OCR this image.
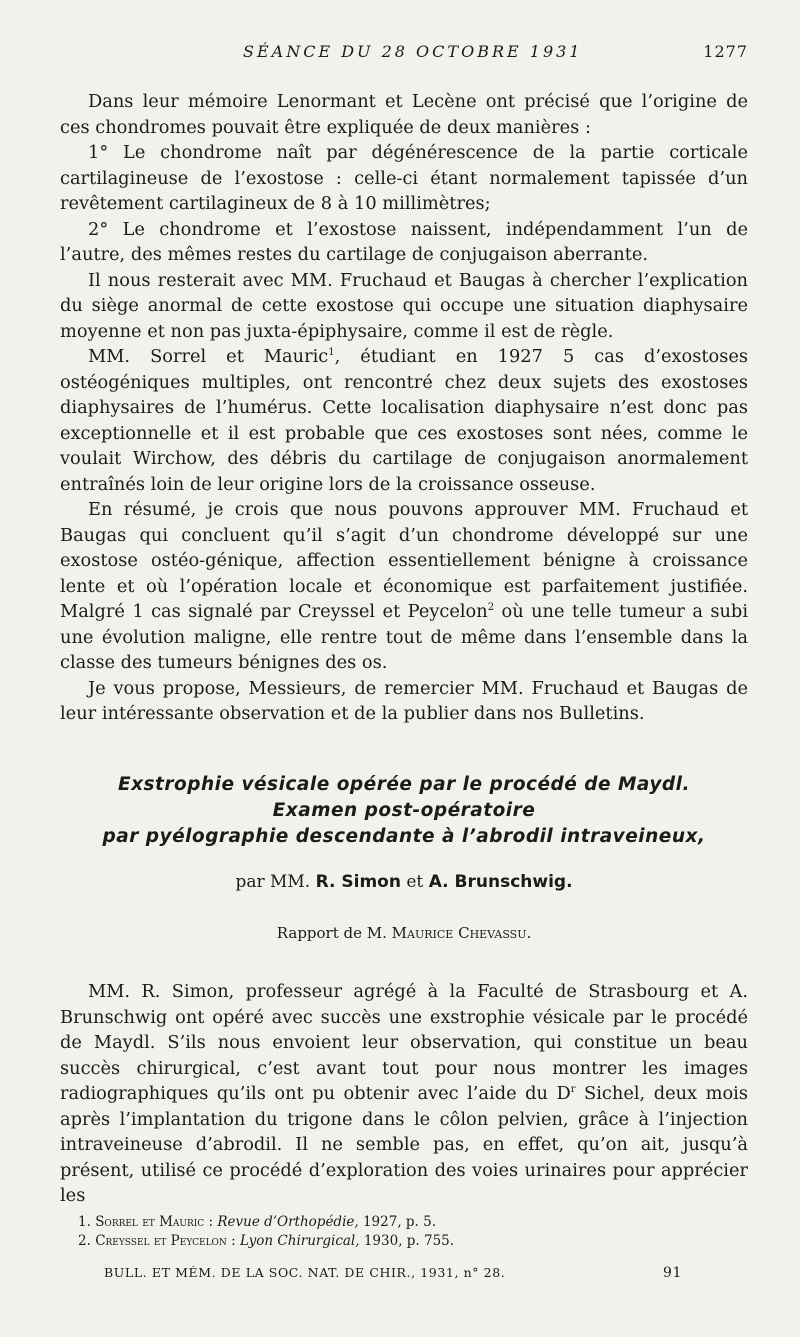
SÉANCE DU 28 OCTOBRE 1931	1277

Dans leur mémoire Lenormant et Lecène ont précisé que l’origine de ces chondromes pouvait être expliquée de deux manières :

1° Le chondrome naît par dégénérescence de la partie corticale cartilagineuse de l’exostose : celle-ci étant normalement tapissée d’un revêtement cartilagineux de 8 à 10 millimètres;

2° Le chondrome et l’exostose naissent, indépendamment l’un de l’autre, des mêmes restes du cartilage de conjugaison aberrante.

Il nous resterait avec MM. Fruchaud et Baugas à chercher l’explication du siège anormal de cette exostose qui occupe une situation diaphysaire moyenne et non pas juxta-épiphysaire, comme il est de règle.

MM. Sorrel et Mauric$^1$, étudiant en 1927 5 cas d’exostoses ostéogéniques multiples, ont rencontré chez deux sujets des exostoses diaphysaires de l’humérus. Cette localisation diaphysaire n’est donc pas exceptionnelle et il est probable que ces exostoses sont nées, comme le voulait Wirchow, des débris du cartilage de conjugaison anormalement entraînés loin de leur origine lors de la croissance osseuse.

En résumé, je crois que nous pouvons approuver MM. Fruchaud et Baugas qui concluent qu’il s’agit d’un chondrome développé sur une exostose ostéo-génique, affection essentiellement bénigne à croissance lente et où l’opération locale et économique est parfaitement justifiée. Malgré 1 cas signalé par Creyssel et Peycelon$^2$ où une telle tumeur a subi une évolution maligne, elle rentre tout de même dans l’ensemble dans la classe des tumeurs bénignes des os.

Je vous propose, Messieurs, de remercier MM. Fruchaud et Baugas de leur intéressante observation et de la publier dans nos Bulletins.

Exstrophie vésicale opérée par le procédé de Maydl.
Examen post-opératoire
par pyélographie descendante à l’abrodil intraveineux,
par MM. R. Simon et A. Brunschwig.
Rapport de M. Maurice Chevassu.

MM. R. Simon, professeur agrégé à la Faculté de Strasbourg et A. Brunschwig ont opéré avec succès une exstrophie vésicale par le procédé de Maydl. S’ils nous envoient leur observation, qui constitue un beau succès chirurgical, c’est avant tout pour nous montrer les images radiographiques qu’ils ont pu obtenir avec l’aide du $D^r$ Sichel, deux mois après l’implantation du trigone dans le côlon pelvien, grâce à l’injection intraveineuse d’abrodil. Il ne semble pas, en effet, qu’on ait, jusqu’à présent, utilisé ce procédé d’exploration des voies urinaires pour apprécier les

1. Sorrel et Mauric : Revue d’Orthopédie, 1927, p. 5.
2. Creyssel et Peycelon : Lyon Chirurgical, 1930, p. 755.
BULL. ET MÉM. DE LA SOC. NAT. DE CHIR., 1931, n° 28.	91
